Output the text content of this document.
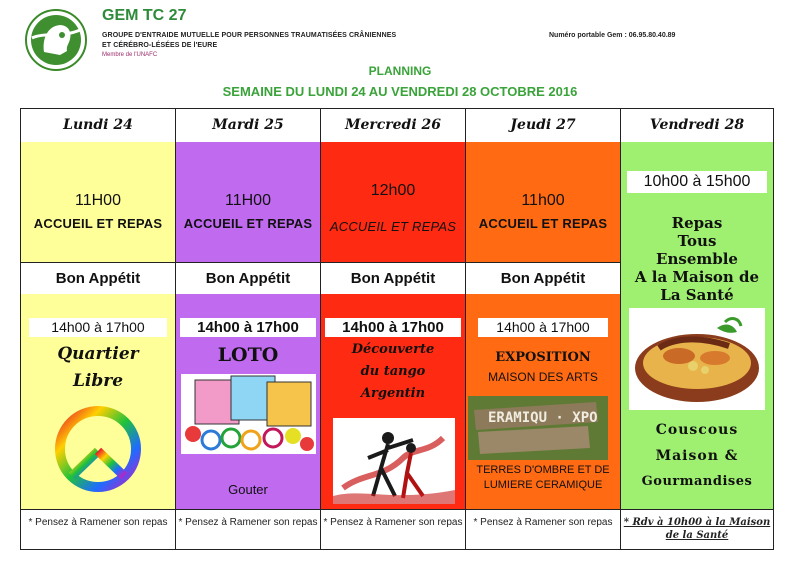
GEM TC 27
GROUPE D'ENTRAIDE MUTUELLE POUR PERSONNES TRAUMATISÉES CRÂNIENNES
ET CÉRÉBRO-LÉSÉES DE l'EURE
Membre de l'UNAFC
Numéro portable Gem : 06.95.80.40.89
PLANNING
SEMAINE DU LUNDI 24 AU VENDREDI 28 OCTOBRE 2016
Lundi 24
11H00
ACCUEIL ET REPAS
Bon Appétit
14h00 à 17h00
Quartier
Libre
* Pensez à Ramener son repas
Mardi 25
11H00
ACCUEIL ET REPAS
Bon Appétit
14h00 à 17h00
LOTO
Gouter
* Pensez à Ramener son repas
Mercredi 26
12h00
ACCUEIL ET REPAS
Bon Appétit
14h00 à 17h00
Découverte
du tango
Argentin
* Pensez à Ramener son repas
Jeudi 27
11h00
ACCUEIL ET REPAS
Bon Appétit
14h00 à 17h00
EXPOSITION
MAISON DES ARTS
ERAMIQU · XPO
TERRES D'OMBRE ET DE
LUMIERE CERAMIQUE
* Pensez à Ramener son repas
Vendredi 28
10h00 à 15h00
Repas
Tous
Ensemble
A la Maison de
La Santé
Couscous
Maison &
Gourmandises
* Rdv à 10h00 à la Maison de la Santé
